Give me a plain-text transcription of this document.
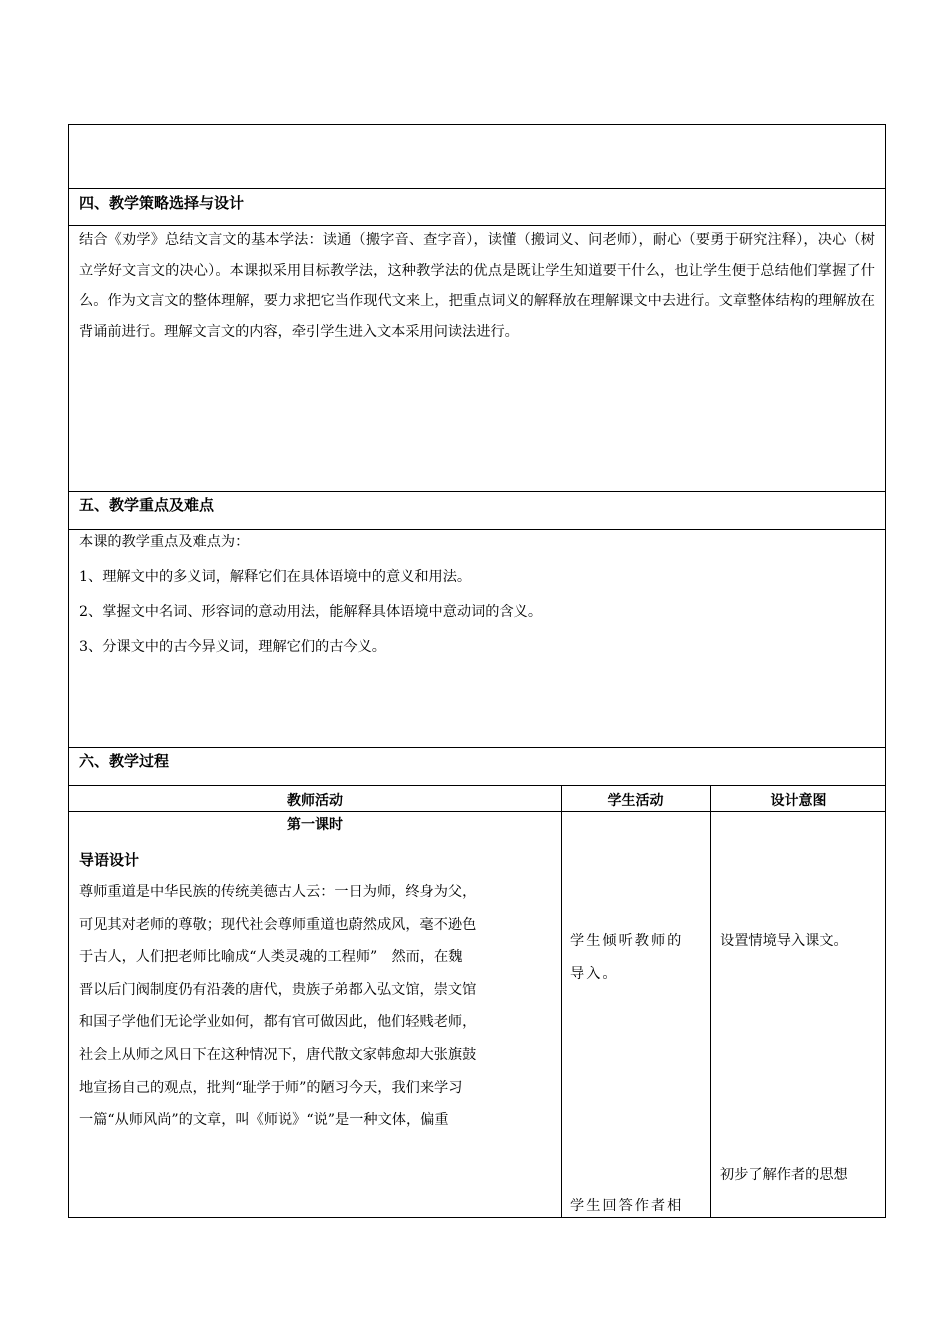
四、教学策略选择与设计
结合《劝学》总结文言文的基本学法：读通（搬字音、查字音），读懂（搬词义、问老师），耐心（要勇于研究注释），决心（树立学好文言文的决心）。本课拟采用目标教学法，这种教学法的优点是既让学生知道要干什么，也让学生便于总结他们掌握了什么。作为文言文的整体理解，要力求把它当作现代文来上，把重点词义的解释放在理解课文中去进行。文章整体结构的理解放在背诵前进行。理解文言文的内容，牵引学生进入文本采用问读法进行。
五、教学重点及难点
本课的教学重点及难点为：
1、理解文中的多义词，解释它们在具体语境中的意义和用法。
2、掌握文中名词、形容词的意动用法，能解释具体语境中意动词的含义。
3、分课文中的古今异义词，理解它们的古今义。
六、教学过程
教师活动	学生活动	设计意图
第一课时
导语设计
尊师重道是中华民族的传统美德古人云：一日为师，终身为父，
可见其对老师的尊敬；现代社会尊师重道也蔚然成风，毫不逊色
于古人，人们把老师比喻成“人类灵魂的工程师”　然而，在魏
晋以后门阀制度仍有沿袭的唐代，贵族子弟都入弘文馆，崇文馆
和国子学他们无论学业如何，都有官可做因此，他们轻贱老师，
社会上从师之风日下在这种情况下，唐代散文家韩愈却大张旗鼓
地宣扬自己的观点，批判“耻学于师”的陋习今天，我们来学习
一篇“从师风尚”的文章，叫《师说》“说”是一种文体，偏重
学生倾听教师的
导入。
学生回答作者相
设置情境导入课文。
初步了解作者的思想
